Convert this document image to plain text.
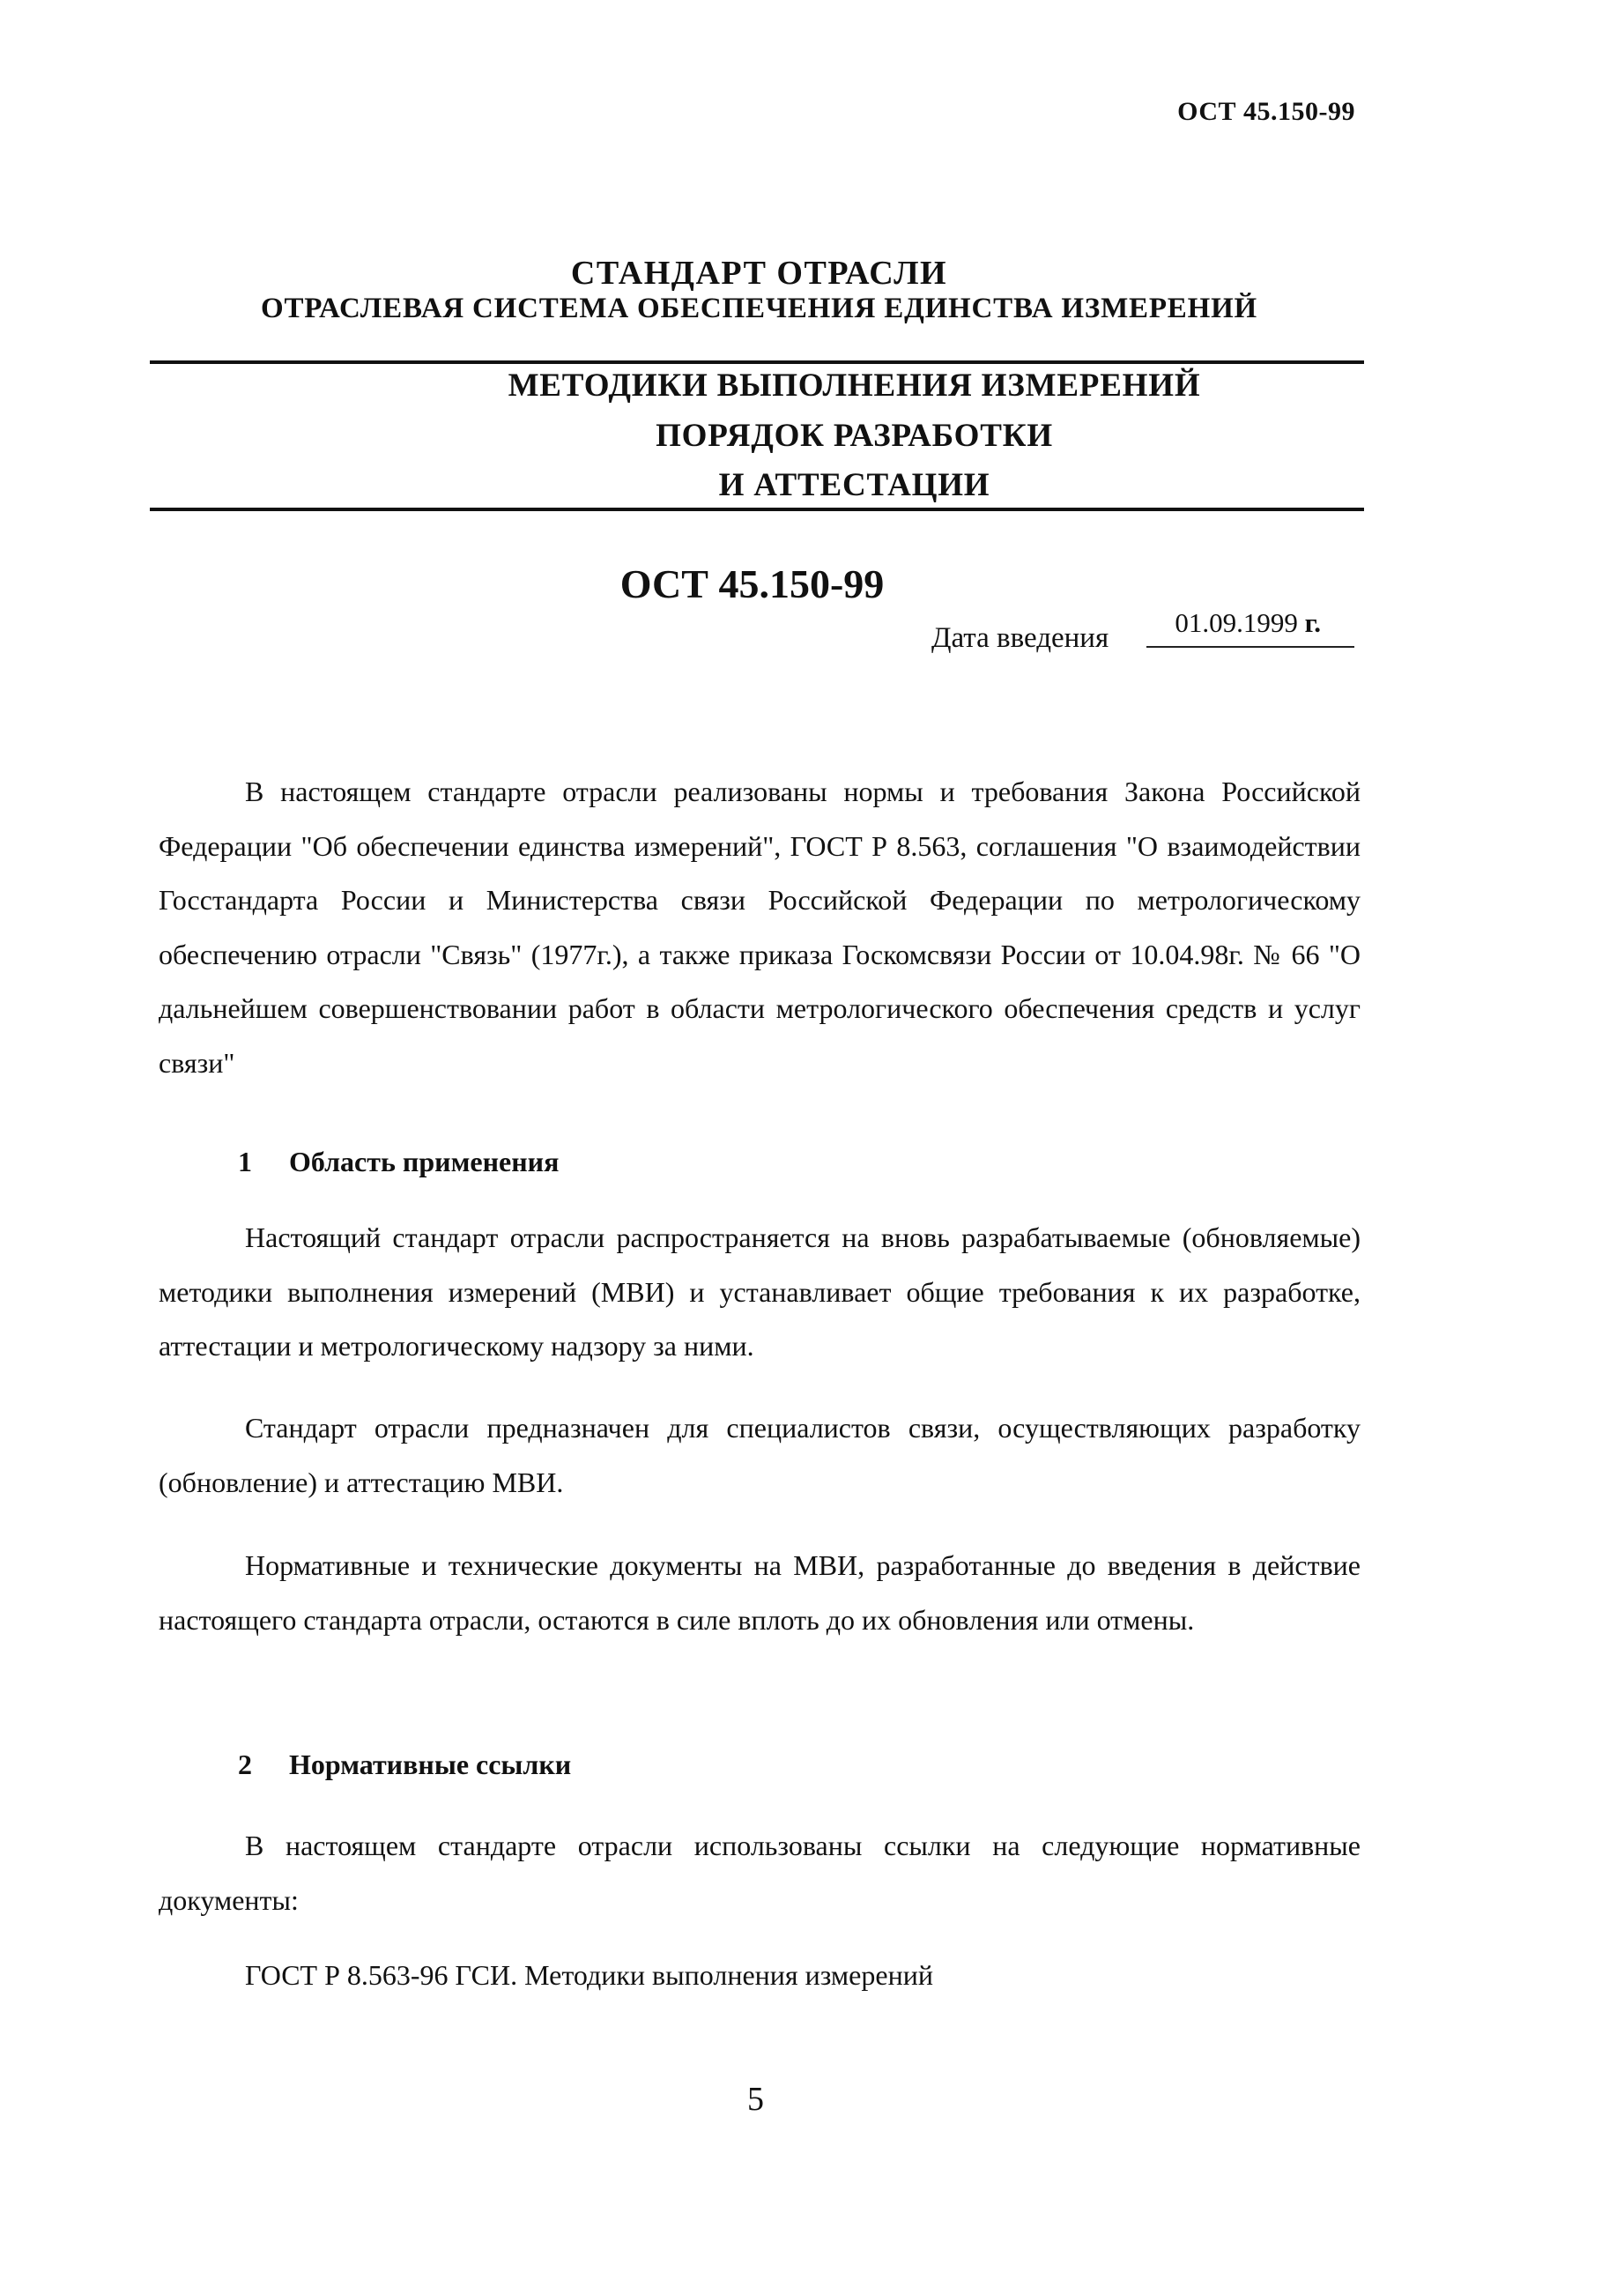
ОСТ 45.150-99
СТАНДАРТ ОТРАСЛИ
ОТРАСЛЕВАЯ СИСТЕМА ОБЕСПЕЧЕНИЯ ЕДИНСТВА ИЗМЕРЕНИЙ
МЕТОДИКИ ВЫПОЛНЕНИЯ ИЗМЕРЕНИЙ
ПОРЯДОК РАЗРАБОТКИ
И АТТЕСТАЦИИ
ОСТ 45.150-99
Дата введения 01.09.1999 г.
В настоящем стандарте отрасли реализованы нормы и требования Закона Российской Федерации "Об обеспечении единства измерений", ГОСТ Р 8.563, соглашения "О взаимодействии Госстандарта России и Министерства связи Российской Федерации по метрологическому обеспечению отрасли "Связь" (1977г.), а также приказа Госкомсвязи России от 10.04.98г. № 66 "О дальнейшем совершенствовании работ в области метрологического обеспечения средств и услуг связи"
1 Область применения
Настоящий стандарт отрасли распространяется на вновь разрабатываемые (обновляемые) методики выполнения измерений (МВИ) и устанавливает общие требования к их разработке, аттестации и метрологическому надзору за ними.
Стандарт отрасли предназначен для специалистов связи, осуществляющих разработку (обновление) и аттестацию МВИ.
Нормативные и технические документы на МВИ, разработанные до введения в действие настоящего стандарта отрасли, остаются в силе вплоть до их обновления или отмены.
2 Нормативные ссылки
В настоящем стандарте отрасли использованы ссылки на следующие нормативные документы:
ГОСТ Р 8.563-96 ГСИ. Методики выполнения измерений
5
